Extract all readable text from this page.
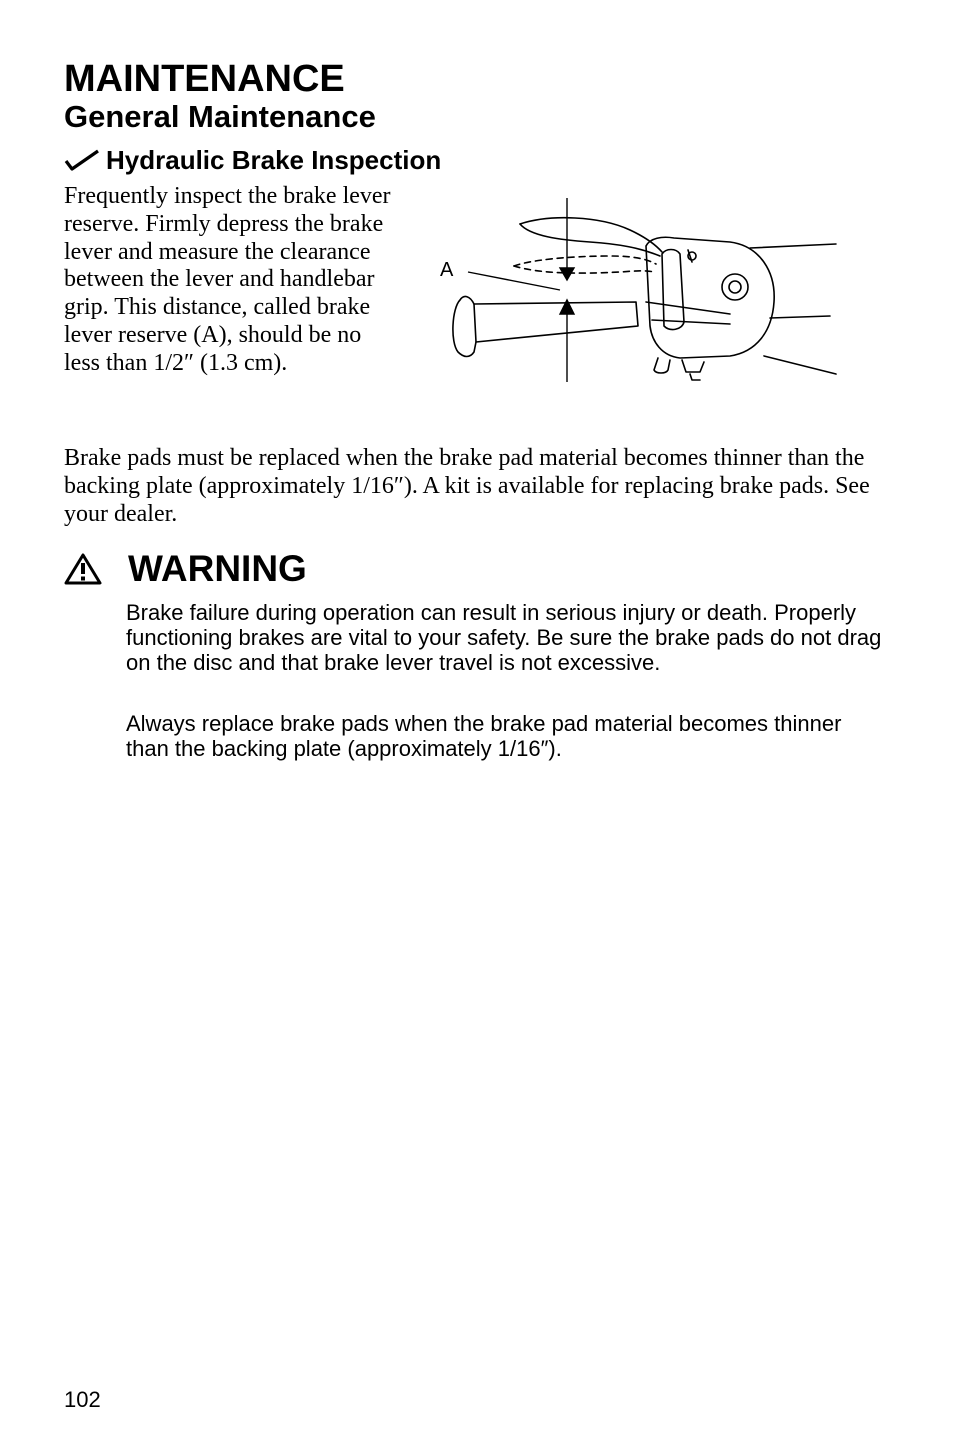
MAINTENANCE
General Maintenance
Hydraulic Brake Inspection

Frequently inspect the brake lever reserve. Firmly depress the brake lever and measure the clearance between the lever and handlebar grip. This distance, called brake lever reserve (A), should be no less than 1/2″ (1.3 cm).

A

Brake pads must be replaced when the brake pad material becomes thinner than the backing plate (approximately 1/16″). A kit is available for replacing brake pads. See your dealer.

WARNING

Brake failure during operation can result in serious injury or death. Properly functioning brakes are vital to your safety. Be sure the brake pads do not drag on the disc and that brake lever travel is not excessive.

Always replace brake pads when the brake pad material becomes thinner than the backing plate (approximately 1/16″).

102
